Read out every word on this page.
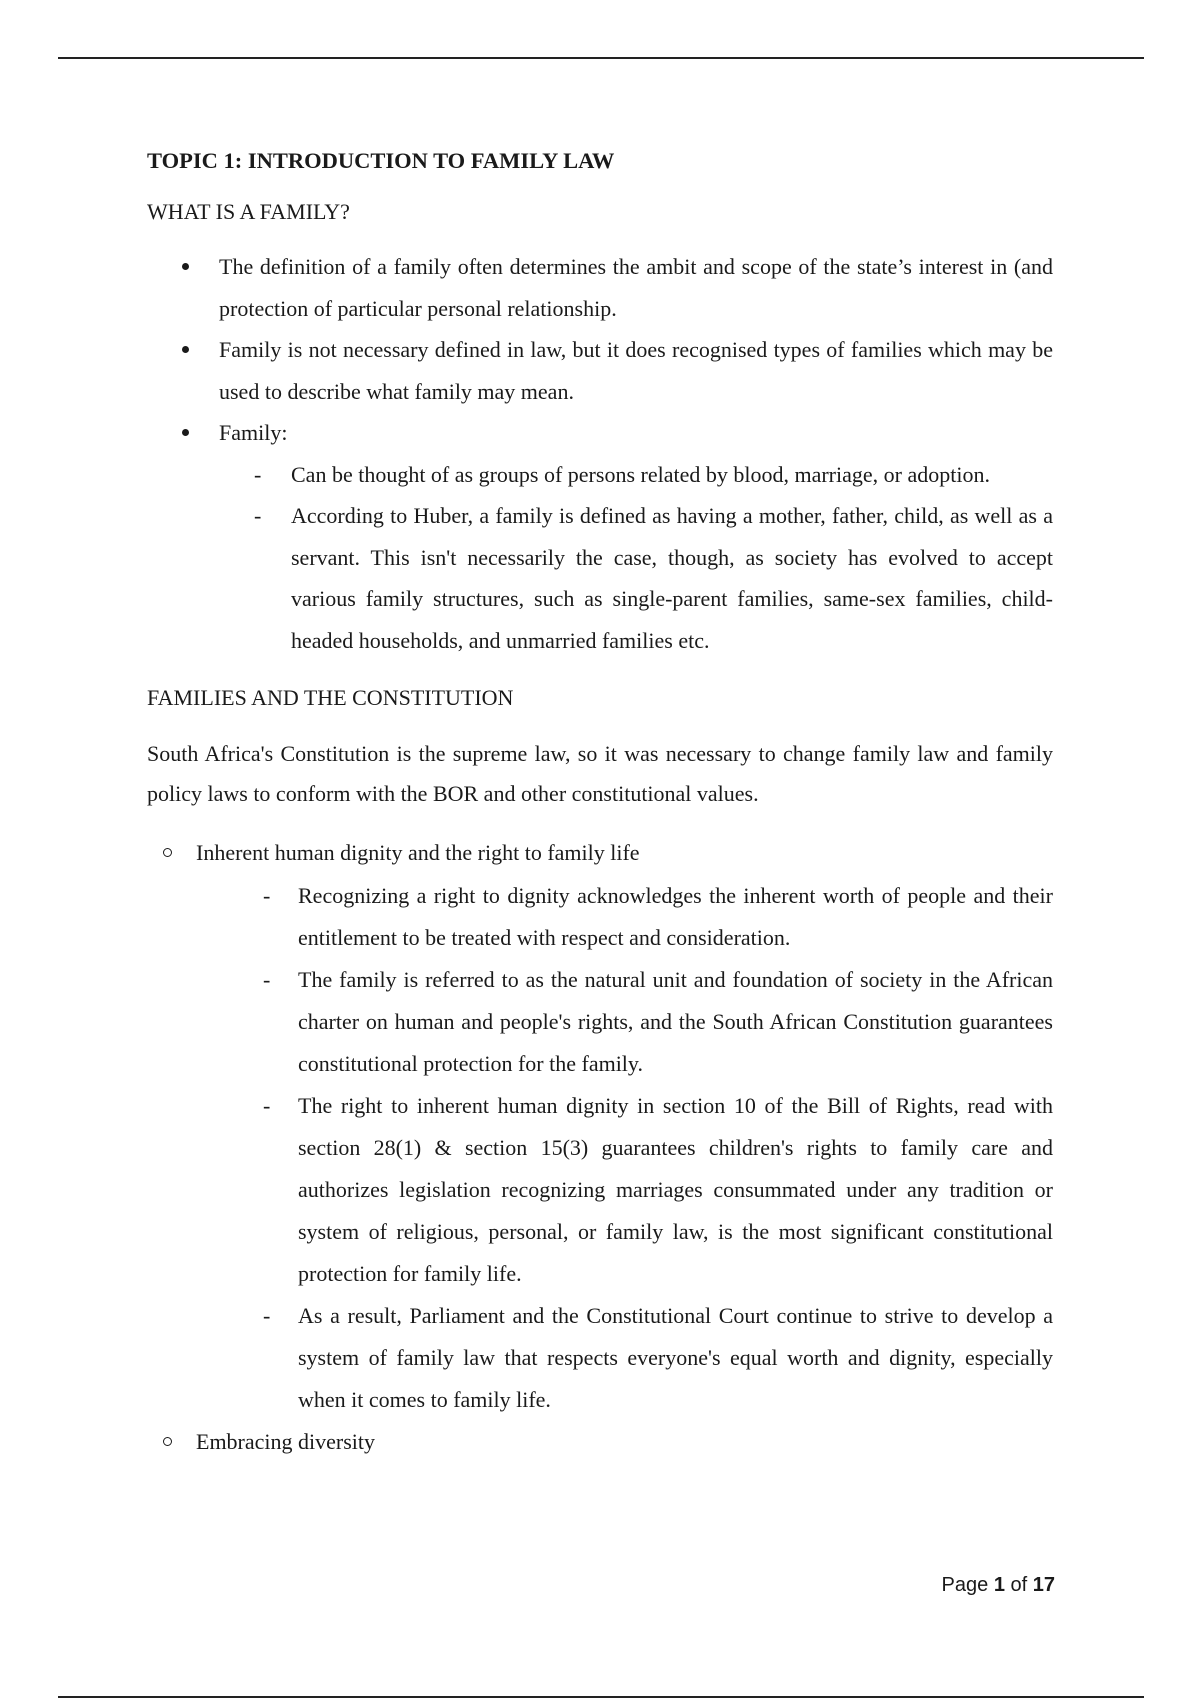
TOPIC 1: INTRODUCTION TO FAMILY LAW

WHAT IS A FAMILY?

The definition of a family often determines the ambit and scope of the state’s interest in (and protection of particular personal relationship.
Family is not necessary defined in law, but it does recognised types of families which may be used to describe what family may mean.
Family:
- Can be thought of as groups of persons related by blood, marriage, or adoption.
- According to Huber, a family is defined as having a mother, father, child, as well as a servant. This isn't necessarily the case, though, as society has evolved to accept various family structures, such as single-parent families, same-sex families, child-headed households, and unmarried families etc.

FAMILIES AND THE CONSTITUTION

South Africa's Constitution is the supreme law, so it was necessary to change family law and family policy laws to conform with the BOR and other constitutional values.

Inherent human dignity and the right to family life
- Recognizing a right to dignity acknowledges the inherent worth of people and their entitlement to be treated with respect and consideration.
- The family is referred to as the natural unit and foundation of society in the African charter on human and people's rights, and the South African Constitution guarantees constitutional protection for the family.
- The right to inherent human dignity in section 10 of the Bill of Rights, read with section 28(1) & section 15(3) guarantees children's rights to family care and authorizes legislation recognizing marriages consummated under any tradition or system of religious, personal, or family law, is the most significant constitutional protection for family life.
- As a result, Parliament and the Constitutional Court continue to strive to develop a system of family law that respects everyone's equal worth and dignity, especially when it comes to family life.
Embracing diversity
Page 1 of 17
